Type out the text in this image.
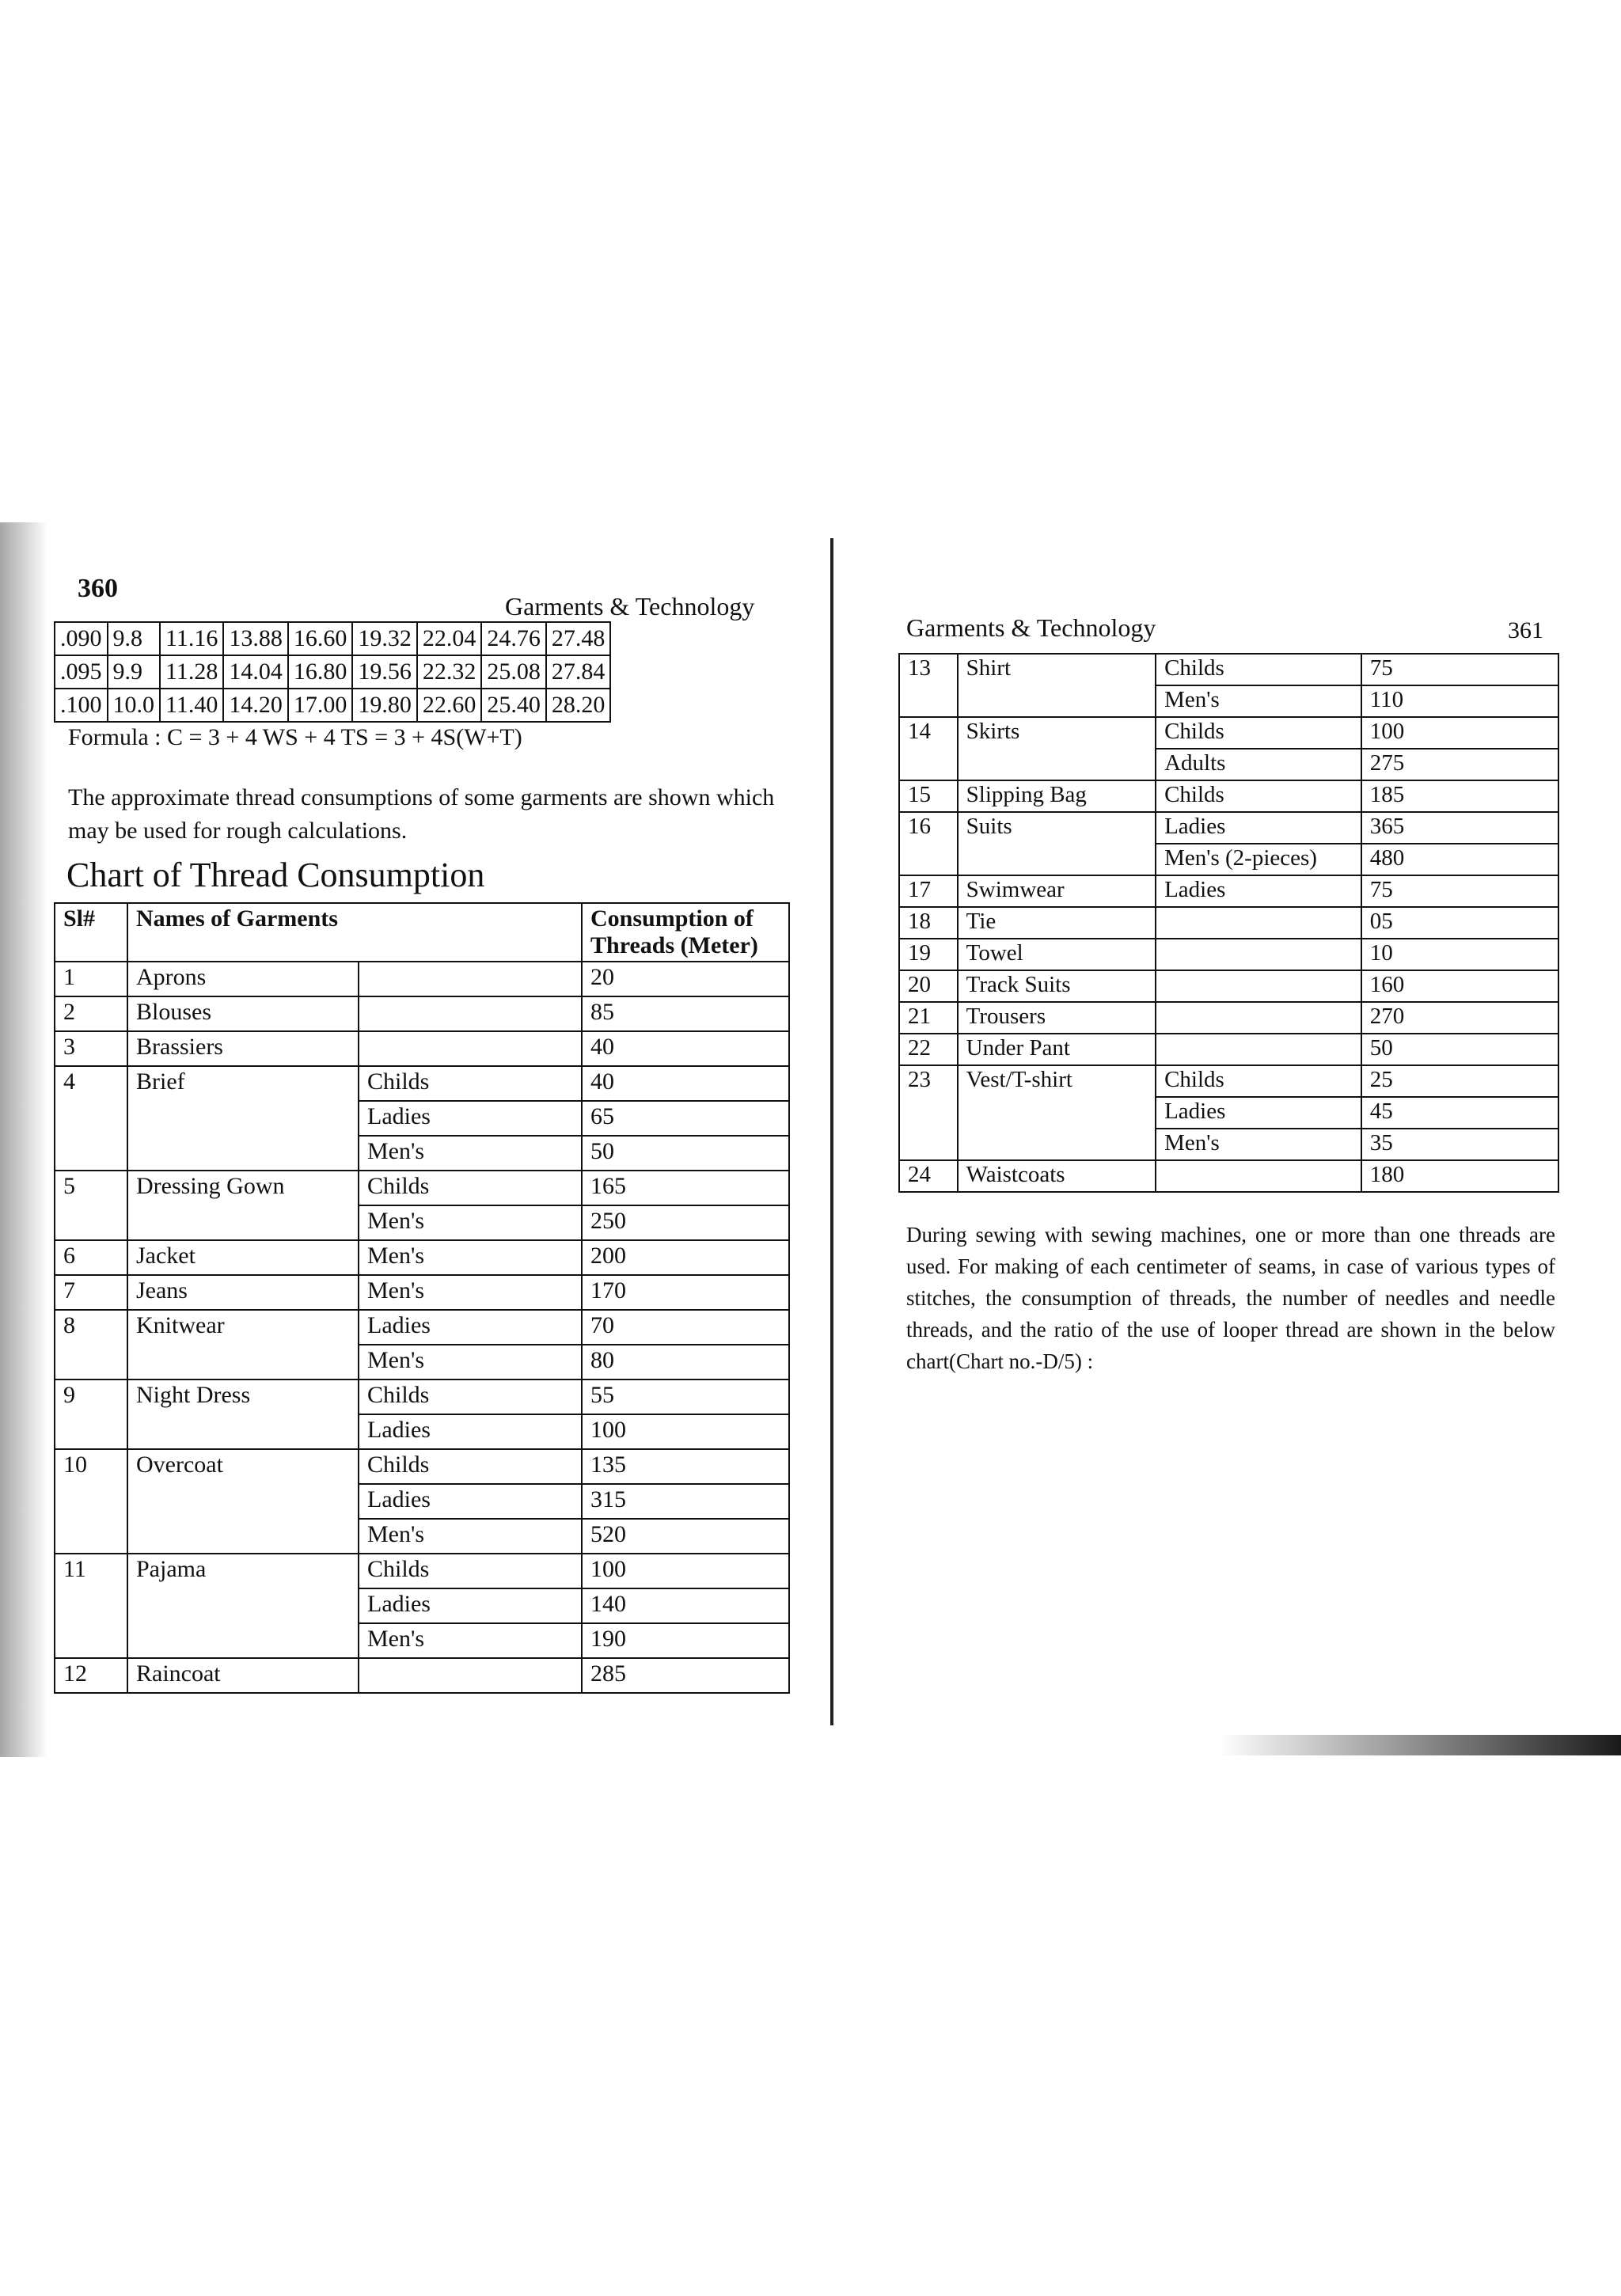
360
Garments & Technology
.090	9.8	11.16	13.88	16.60	19.32	22.04	24.76	27.48
.095	9.9	11.28	14.04	16.80	19.56	22.32	25.08	27.84
.100	10.0	11.40	14.20	17.00	19.80	22.60	25.40	28.20
Formula : C = 3 + 4 WS + 4 TS = 3 + 4S(W+T)
The approximate thread consumptions of some garments are shown which may be used for rough calculations.
Chart of Thread Consumption
Sl#	Names of Garments		Consumption of Threads (Meter)
1	Aprons		20
2	Blouses		85
3	Brassiers		40
4	Brief	Childs	40
		Ladies	65
		Men's	50
5	Dressing Gown	Childs	165
		Men's	250
6	Jacket	Men's	200
7	Jeans	Men's	170
8	Knitwear	Ladies	70
		Men's	80
9	Night Dress	Childs	55
		Ladies	100
10	Overcoat	Childs	135
		Ladies	315
		Men's	520
11	Pajama	Childs	100
		Ladies	140
		Men's	190
12	Raincoat		285
Garments & Technology	361
13	Shirt	Childs	75
		Men's	110
14	Skirts	Childs	100
		Adults	275
15	Slipping Bag	Childs	185
16	Suits	Ladies	365
		Men's (2-pieces)	480
17	Swimwear	Ladies	75
18	Tie		05
19	Towel		10
20	Track Suits		160
21	Trousers		270
22	Under Pant		50
23	Vest/T-shirt	Childs	25
		Ladies	45
		Men's	35
24	Waistcoats		180
During sewing with sewing machines, one or more than one threads are used. For making of each centimeter of seams, in case of various types of stitches, the consumption of threads, the number of needles and needle threads, and the ratio of the use of looper thread are shown in the below chart(Chart no.-D/5) :
